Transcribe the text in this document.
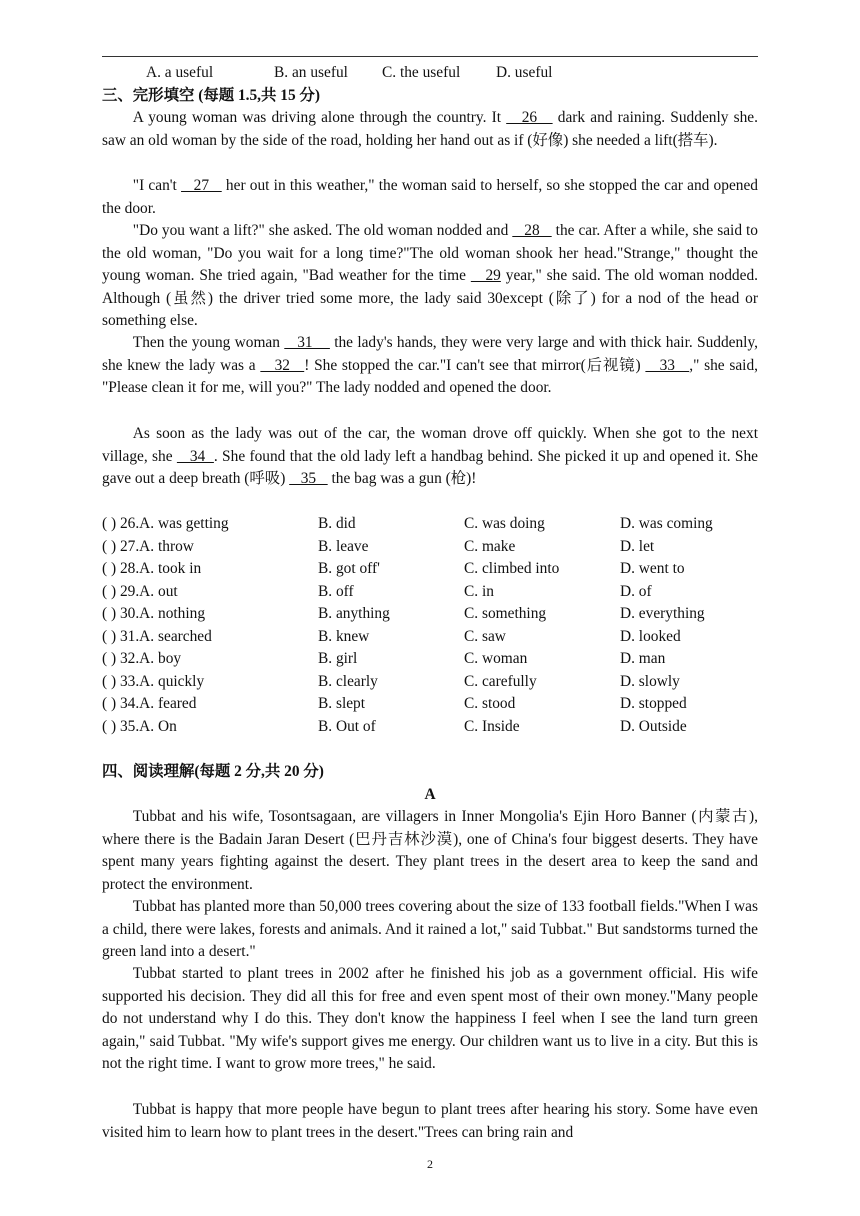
A. a useful	B. an useful C. the useful D. useful
三、完形填空 (每题 1.5,共 15 分)

A young woman was driving alone through the country. It    26    dark and raining. Suddenly she. saw an old woman by the side of the road, holding her hand out as if (好像) she needed a lift(搭车).

"I can't    27    her out in this weather," the woman said to herself, so she stopped the car and opened the door.

"Do you want a lift?" she asked. The old woman nodded and    28    the car. After a while, she said to the old woman, "Do you wait for a long time?"The old woman shook her head."Strange," thought the young woman. She tried again, "Bad weather for the time    29 year," she said. The old woman nodded. Although (虽然) the driver tried some more, the lady said 30except (除了) for a nod of the head or something else.

Then the young woman    31     the lady's hands, they were very large and with thick hair. Suddenly, she knew the lady was a    32   ! She stopped the car."I can't see that mirror(后视镜)    33   ," she said, "Please clean it for me, will you?" The lady nodded and opened the door.

As soon as the lady was out of the car, the woman drove off quickly. When she got to the next village, she    34  . She found that the old lady left a handbag behind. She picked it up and opened it. She gave out a deep breath (呼吸)    35    the bag was a gun (枪)!

( ) 26.A. was getting	B. did	C. was doing	D. was coming
( ) 27.A. throw	B. leave	C. make	D. let
( ) 28.A. took in	B. got off'	C. climbed into	D. went to
( ) 29.A. out	B. off	C. in	D. of
( ) 30.A. nothing	B. anything	C. something	D. everything
( ) 31.A. searched	B. knew	C. saw	D. looked
( ) 32.A. boy	B. girl	C. woman	D. man
( ) 33.A. quickly	B. clearly	C. carefully	D. slowly
( ) 34.A. feared	B. slept	C. stood	D. stopped
( ) 35.A. On	B. Out of	C. Inside	D. Outside
四、阅读理解(每题 2 分,共 20 分)
A

Tubbat and his wife, Tosontsagaan, are villagers in Inner Mongolia's Ejin Horo Banner (内蒙古), where there is the Badain Jaran Desert (巴丹吉林沙漠), one of China's four biggest deserts. They have spent many years fighting against the desert. They plant trees in the desert area to keep the sand and protect the environment.

Tubbat has planted more than 50,000 trees covering about the size of 133 football fields."When I was a child, there were lakes, forests and animals. And it rained a lot," said Tubbat." But sandstorms turned the green land into a desert."

Tubbat started to plant trees in 2002 after he finished his job as a government official. His wife supported his decision. They did all this for free and even spent most of their own money."Many people do not understand why I do this. They don't know the happiness I feel when I see the land turn green again," said Tubbat. "My wife's support gives me energy. Our children want us to live in a city. But this is not the right time. I want to grow more trees," he said.

Tubbat is happy that more people have begun to plant trees after hearing his story. Some have even visited him to learn how to plant trees in the desert."Trees can bring rain and

2
